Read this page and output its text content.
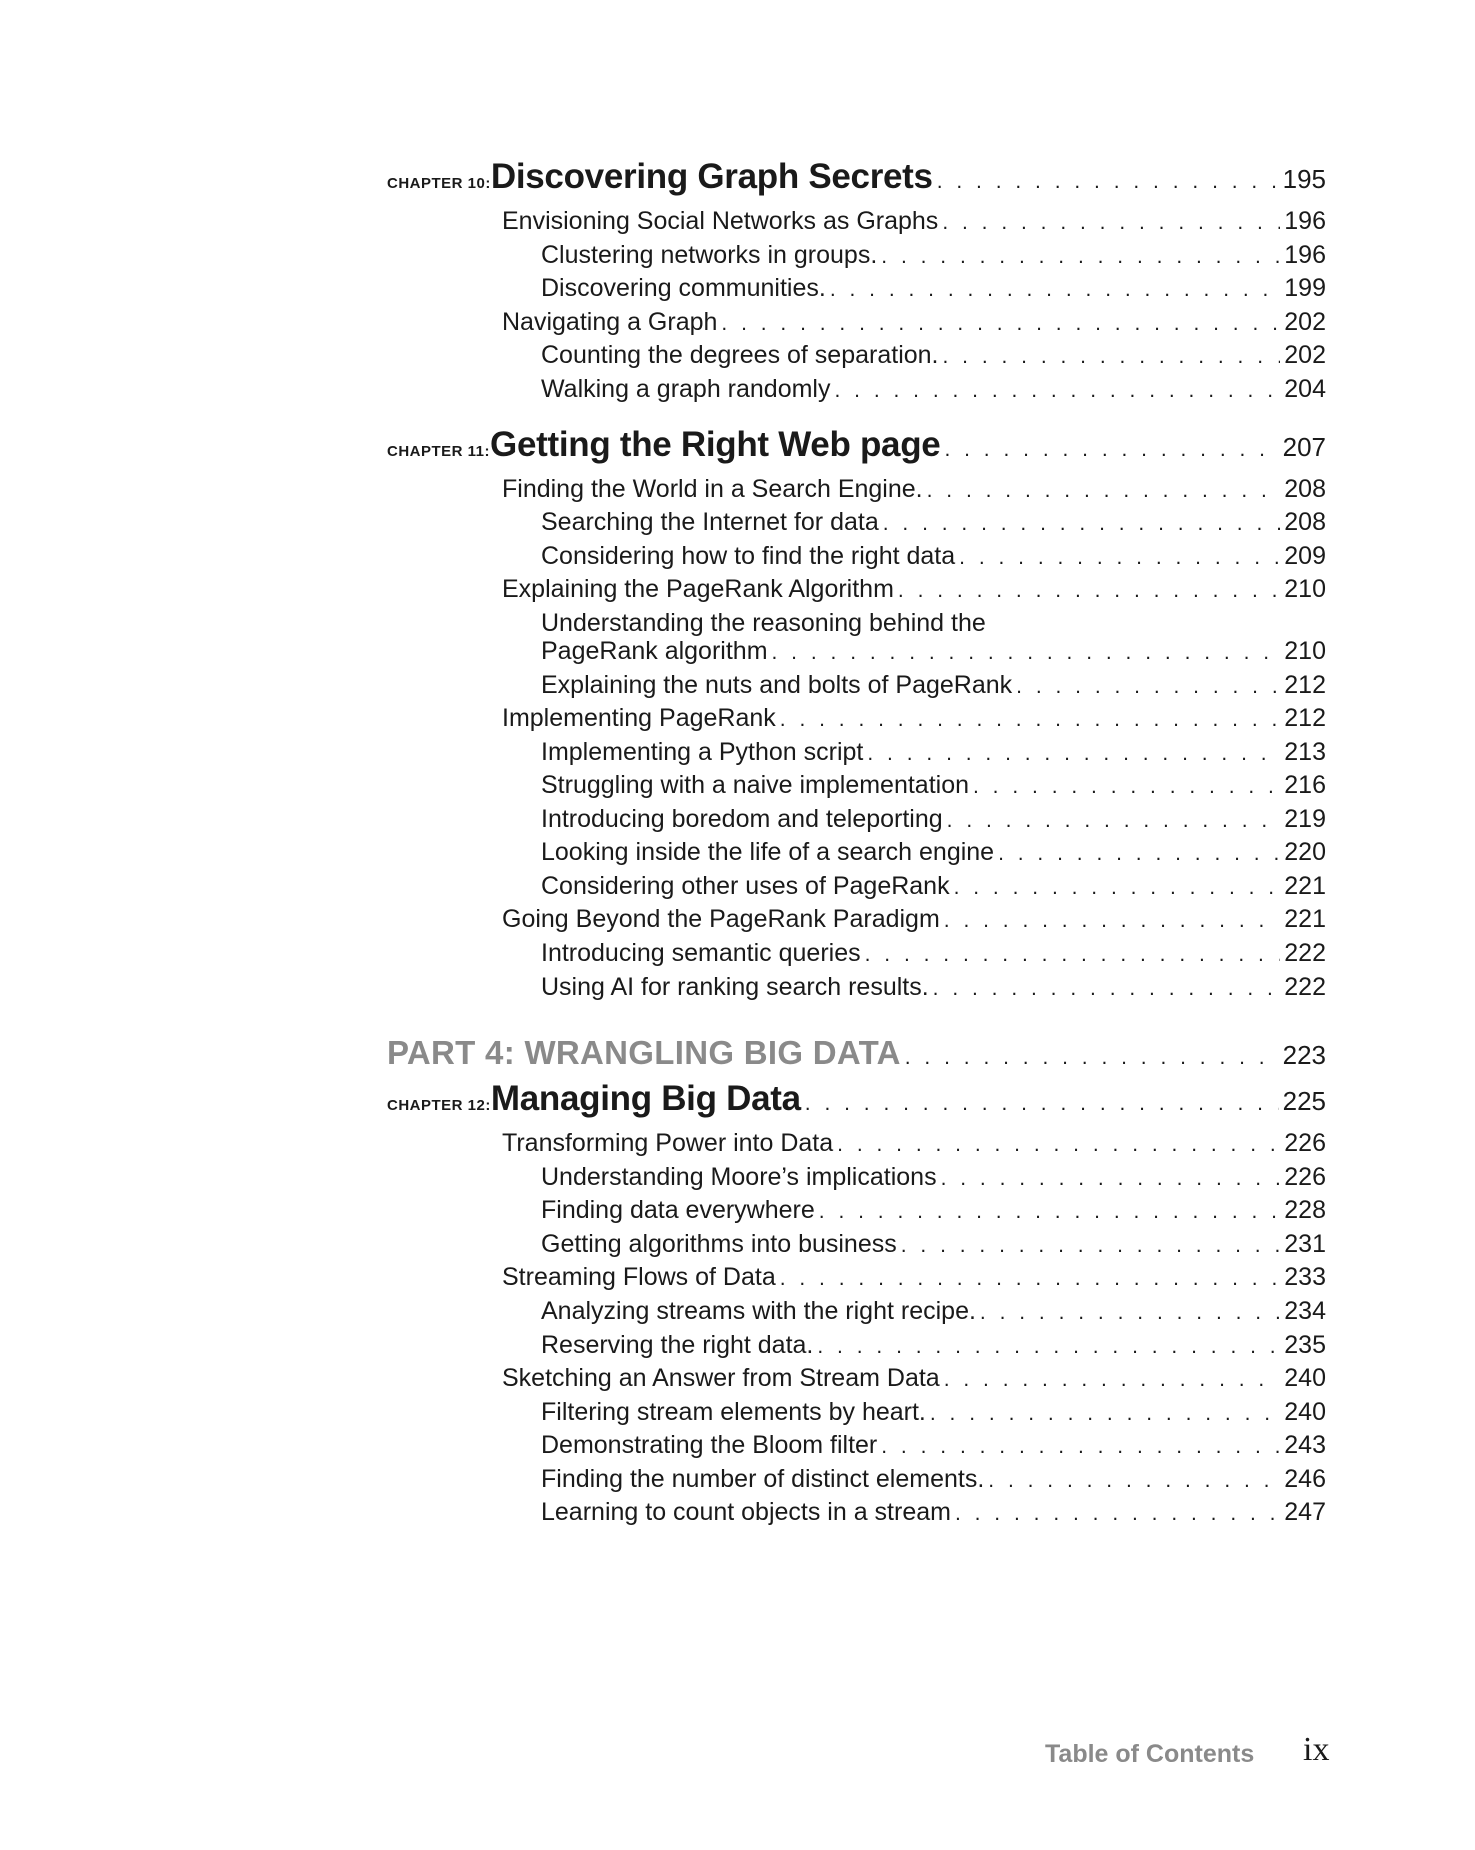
CHAPTER 10: Discovering Graph Secrets . . .	195
Envisioning Social Networks as Graphs . . .	196
Clustering networks in groups. . . .	196
Discovering communities. . . .	199
Navigating a Graph . . .	202
Counting the degrees of separation. . . .	202
Walking a graph randomly . . .	204
CHAPTER 11: Getting the Right Web page . . .	207
Finding the World in a Search Engine. . . .	208
Searching the Internet for data . . .	208
Considering how to find the right data . . .	209
Explaining the PageRank Algorithm . . .	210
Understanding the reasoning behind the
PageRank algorithm . . .	210
Explaining the nuts and bolts of PageRank . . .	212
Implementing PageRank . . .	212
Implementing a Python script . . .	213
Struggling with a naive implementation . . .	216
Introducing boredom and teleporting . . .	219
Looking inside the life of a search engine . . .	220
Considering other uses of PageRank . . .	221
Going Beyond the PageRank Paradigm . . .	221
Introducing semantic queries . . .	222
Using AI for ranking search results. . . .	222
PART 4: WRANGLING BIG DATA . . .	223
CHAPTER 12: Managing Big Data . . .	225
Transforming Power into Data . . .	226
Understanding Moore’s implications . . .	226
Finding data everywhere . . .	228
Getting algorithms into business . . .	231
Streaming Flows of Data . . .	233
Analyzing streams with the right recipe. . . .	234
Reserving the right data. . . .	235
Sketching an Answer from Stream Data . . .	240
Filtering stream elements by heart. . . .	240
Demonstrating the Bloom filter . . .	243
Finding the number of distinct elements. . . .	246
Learning to count objects in a stream . . .	247
Table of Contents ix
